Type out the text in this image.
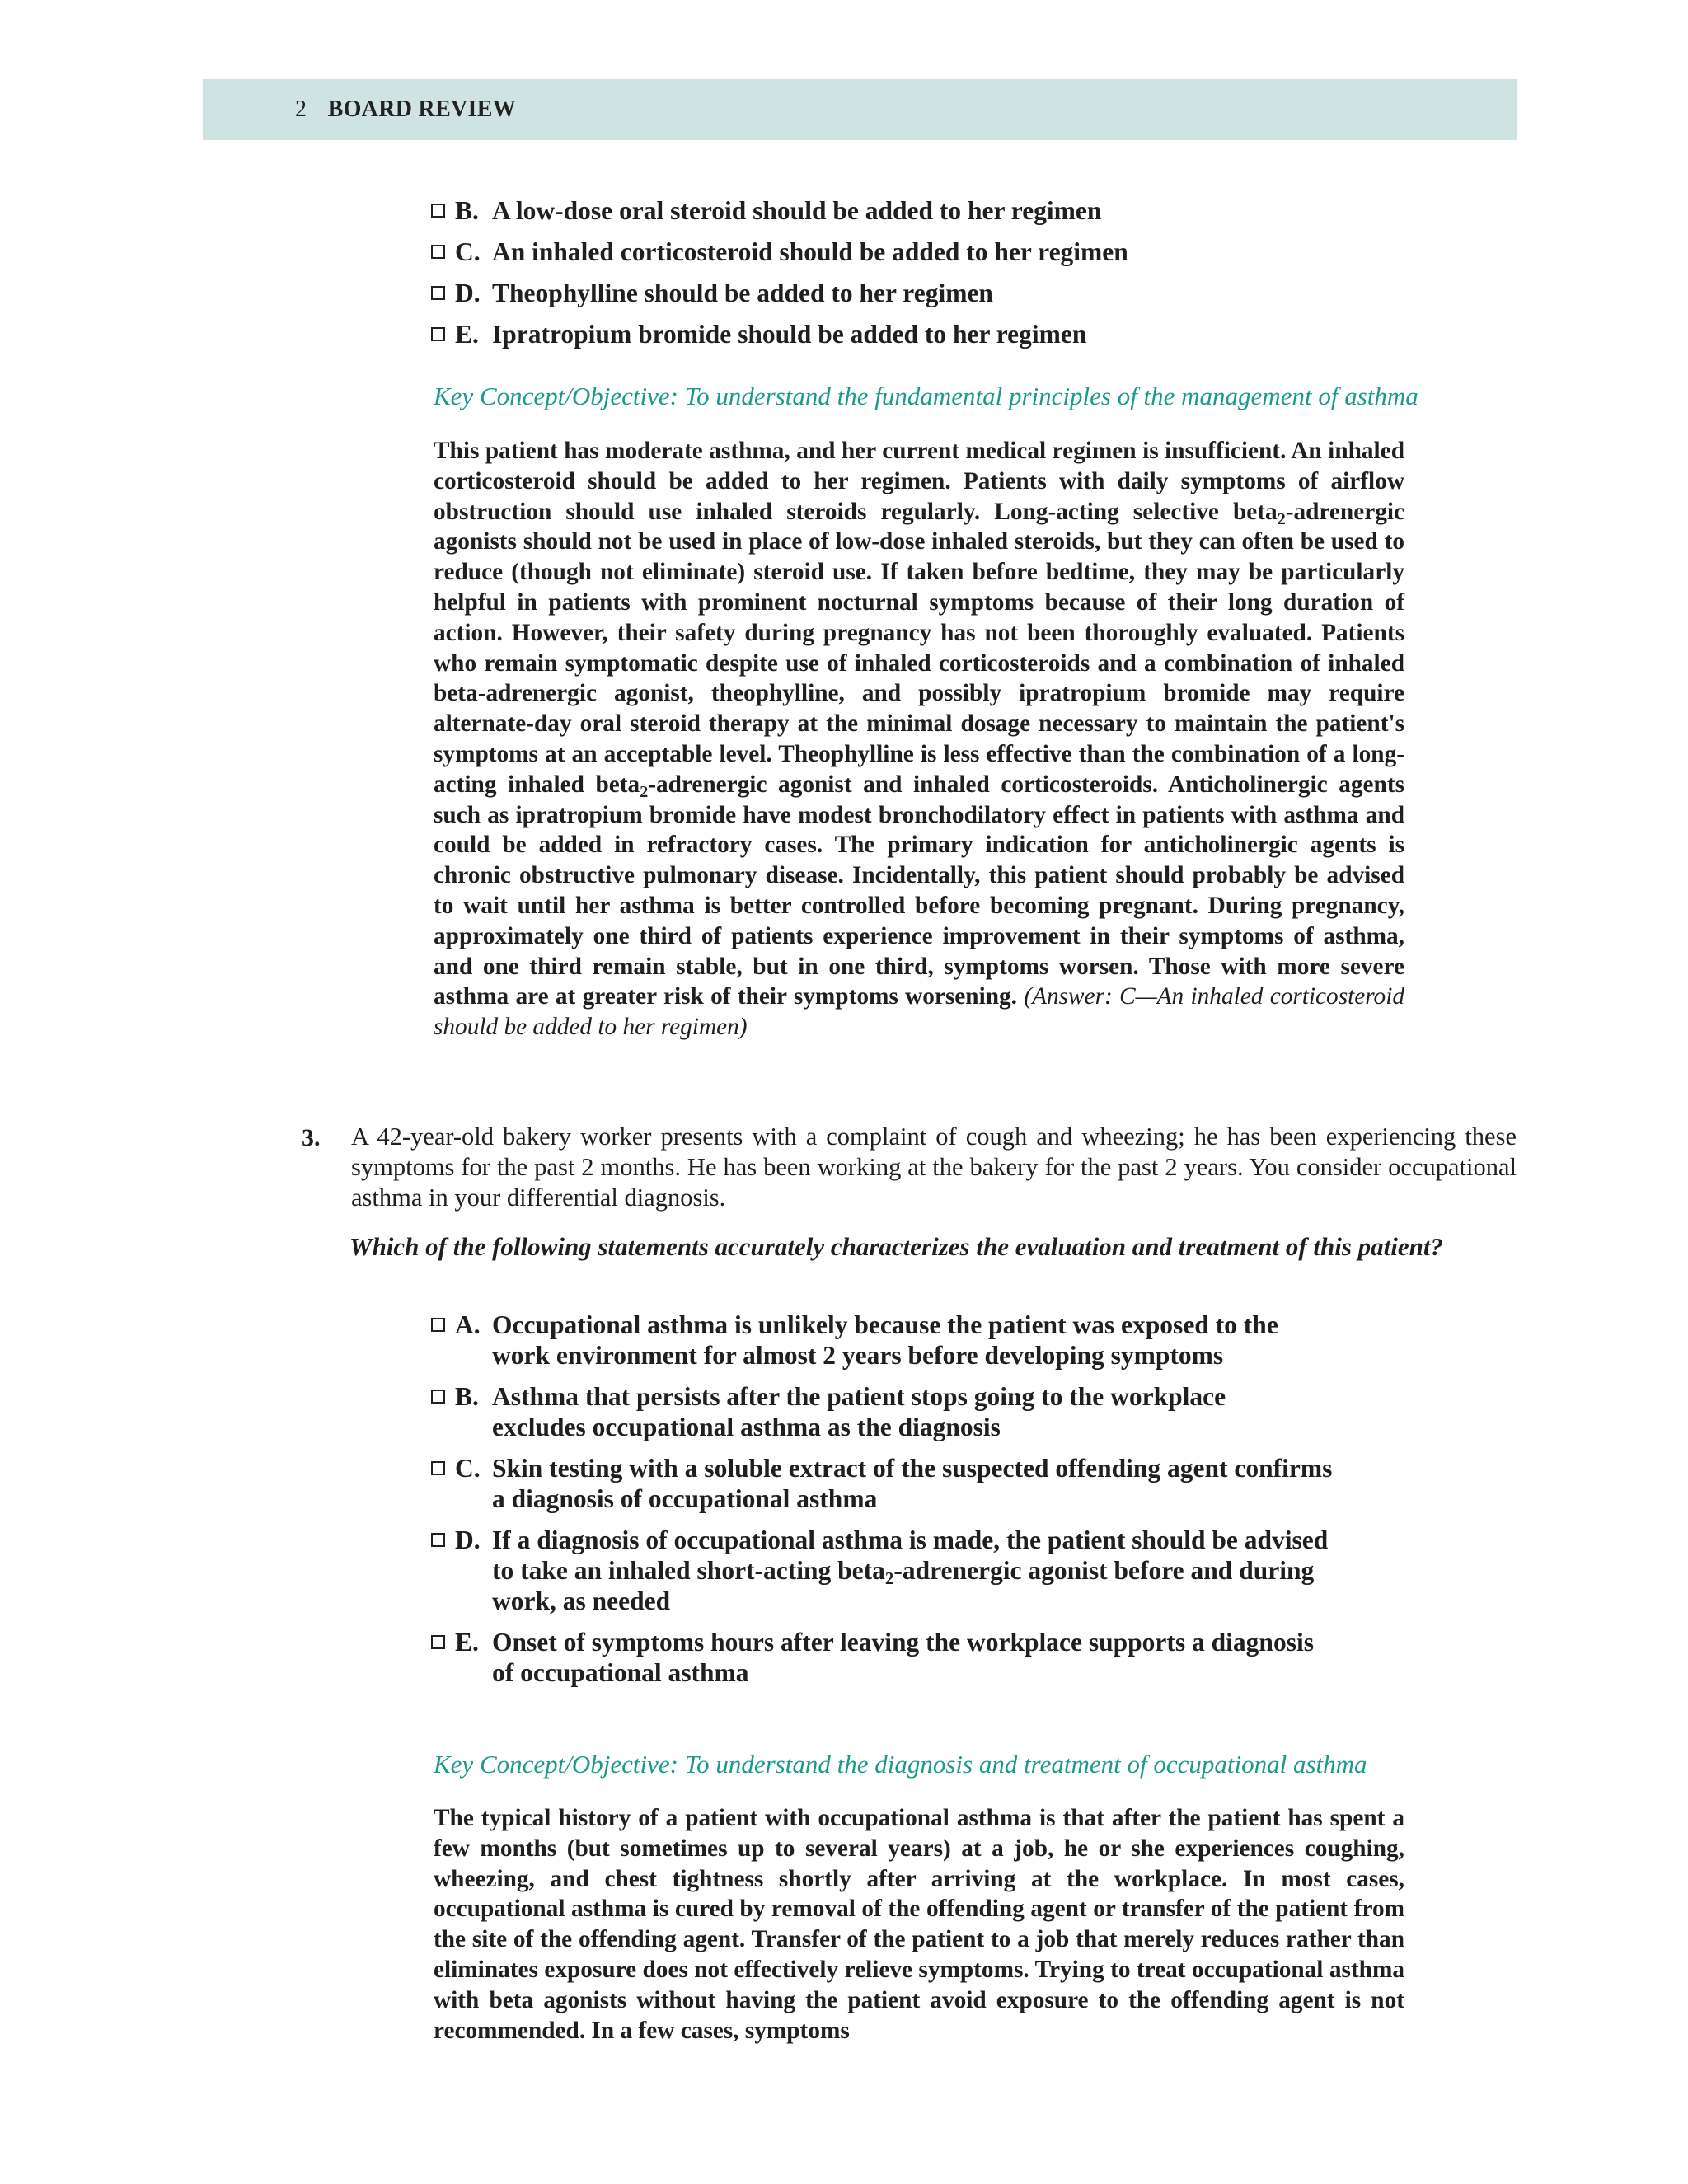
2 BOARD REVIEW
B. A low-dose oral steroid should be added to her regimen
C. An inhaled corticosteroid should be added to her regimen
D. Theophylline should be added to her regimen
E. Ipratropium bromide should be added to her regimen
Key Concept/Objective: To understand the fundamental principles of the management of asthma
This patient has moderate asthma, and her current medical regimen is insufficient. An inhaled corticosteroid should be added to her regimen. Patients with daily symptoms of airflow obstruction should use inhaled steroids regularly. Long-acting selective beta$_2$-adrenergic agonists should not be used in place of low-dose inhaled steroids, but they can often be used to reduce (though not eliminate) steroid use. If taken before bedtime, they may be particularly helpful in patients with prominent nocturnal symptoms because of their long duration of action. However, their safety during pregnancy has not been thoroughly evaluated. Patients who remain symptomatic despite use of inhaled corticosteroids and a combination of inhaled beta-adrenergic agonist, theophylline, and possibly ipratropium bromide may require alternate-day oral steroid therapy at the minimal dosage necessary to maintain the patient's symptoms at an acceptable level. Theophylline is less effective than the combination of a long-acting inhaled beta$_2$-adrenergic agonist and inhaled corticosteroids. Anticholinergic agents such as ipratropium bromide have modest bronchodilatory effect in patients with asthma and could be added in refractory cases. The primary indication for anticholinergic agents is chronic obstructive pulmonary disease. Incidentally, this patient should probably be advised to wait until her asthma is better controlled before becoming pregnant. During pregnancy, approximately one third of patients experience improvement in their symptoms of asthma, and one third remain stable, but in one third, symptoms worsen. Those with more severe asthma are at greater risk of their symptoms worsening. (Answer: C—An inhaled corticosteroid should be added to her regimen)
3. A 42-year-old bakery worker presents with a complaint of cough and wheezing; he has been experiencing these symptoms for the past 2 months. He has been working at the bakery for the past 2 years. You consider occupational asthma in your differential diagnosis.
Which of the following statements accurately characterizes the evaluation and treatment of this patient?
A. Occupational asthma is unlikely because the patient was exposed to the work environment for almost 2 years before developing symptoms
B. Asthma that persists after the patient stops going to the workplace excludes occupational asthma as the diagnosis
C. Skin testing with a soluble extract of the suspected offending agent confirms a diagnosis of occupational asthma
D. If a diagnosis of occupational asthma is made, the patient should be advised to take an inhaled short-acting beta$_2$-adrenergic agonist before and during work, as needed
E. Onset of symptoms hours after leaving the workplace supports a diagnosis of occupational asthma
Key Concept/Objective: To understand the diagnosis and treatment of occupational asthma
The typical history of a patient with occupational asthma is that after the patient has spent a few months (but sometimes up to several years) at a job, he or she experiences coughing, wheezing, and chest tightness shortly after arriving at the workplace. In most cases, occupational asthma is cured by removal of the offending agent or transfer of the patient from the site of the offending agent. Transfer of the patient to a job that merely reduces rather than eliminates exposure does not effectively relieve symptoms. Trying to treat occupational asthma with beta agonists without having the patient avoid exposure to the offending agent is not recommended. In a few cases, symptoms
